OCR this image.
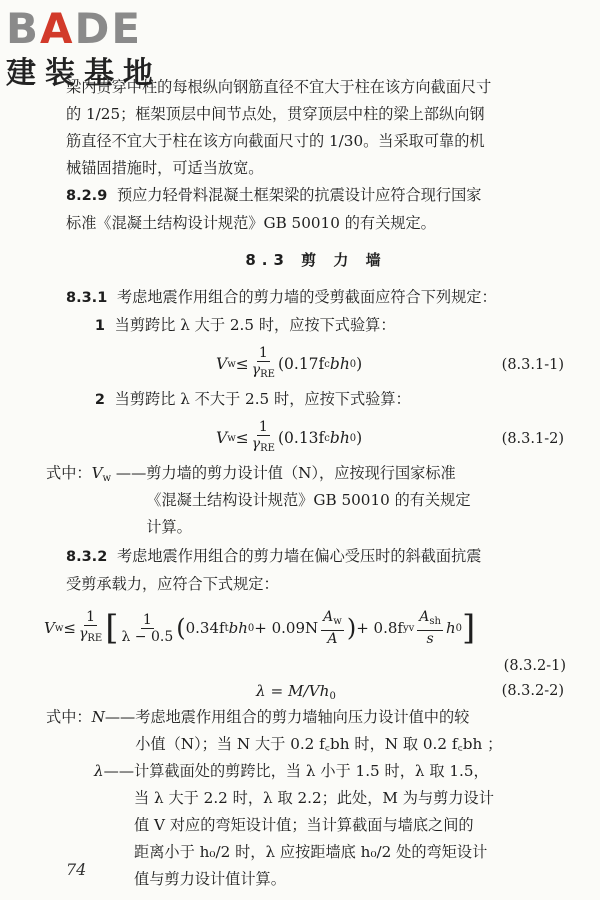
BADE
建装基地

梁内贯穿中柱的每根纵向钢筋直径不宜大于柱在该方向截面尺寸

的 1/25；框架顶层中间节点处，贯穿顶层中柱的梁上部纵向钢

筋直径不宜大于柱在该方向截面尺寸的 1/30。当采取可靠的机

械锚固措施时，可适当放宽。

8.2.9 预应力轻骨料混凝土框架梁的抗震设计应符合现行国家

标准《混凝土结构设计规范》GB 50010 的有关规定。

8.3 剪 力 墙

8.3.1 考虑地震作用组合的剪力墙的受剪截面应符合下列规定：

1 当剪跨比 λ 大于 2.5 时，应按下式验算：

V $w \le \frac{1}{\gamma_{RE}} (0.17f$ c bh 0 )	(8.3.1-1)

2 当剪跨比 λ 不大于 2.5 时，应按下式验算：

V $w \le \frac{1}{\gamma_{RE}} (0.13f$ c bh 0 )	(8.3.1-2)
式中：$V_w$ —— 剪力墙的剪力设计值（N），应按现行国家标准
《混凝土结构设计规范》GB 50010 的有关规定
计算。

8.3.2 考虑地震作用组合的剪力墙在偏心受压时的斜截面抗震

受剪承载力，应符合下式规定：

V $w \le \frac{1}{\gamma_{RE}}$ [ $\frac{1}{\lambda - 0.5}$ ( 0.34f t bh $0 + 0.09N \frac{A_w}{A}$ ) + 0.8f yv $\frac{A_{sh}}{s}$ h 0 ]
(8.3.2-1)
$\lambda = M/Vh_0$	(8.3.2-2)
式中：N—— 考虑地震作用组合的剪力墙轴向压力设计值中的较
小值（N）；当 N 大于 0.2 f꜀bh 时，N 取 0.2 f꜀bh ；
λ—— 计算截面处的剪跨比，当 λ 小于 1.5 时，λ 取 1.5，
当 λ 大于 2.2 时，λ 取 2.2；此处，M 为与剪力设计
值 V 对应的弯矩设计值；当计算截面与墙底之间的
距离小于 h₀/2 时，λ 应按距墙底 h₀/2 处的弯矩设计
值与剪力设计值计算。
74
